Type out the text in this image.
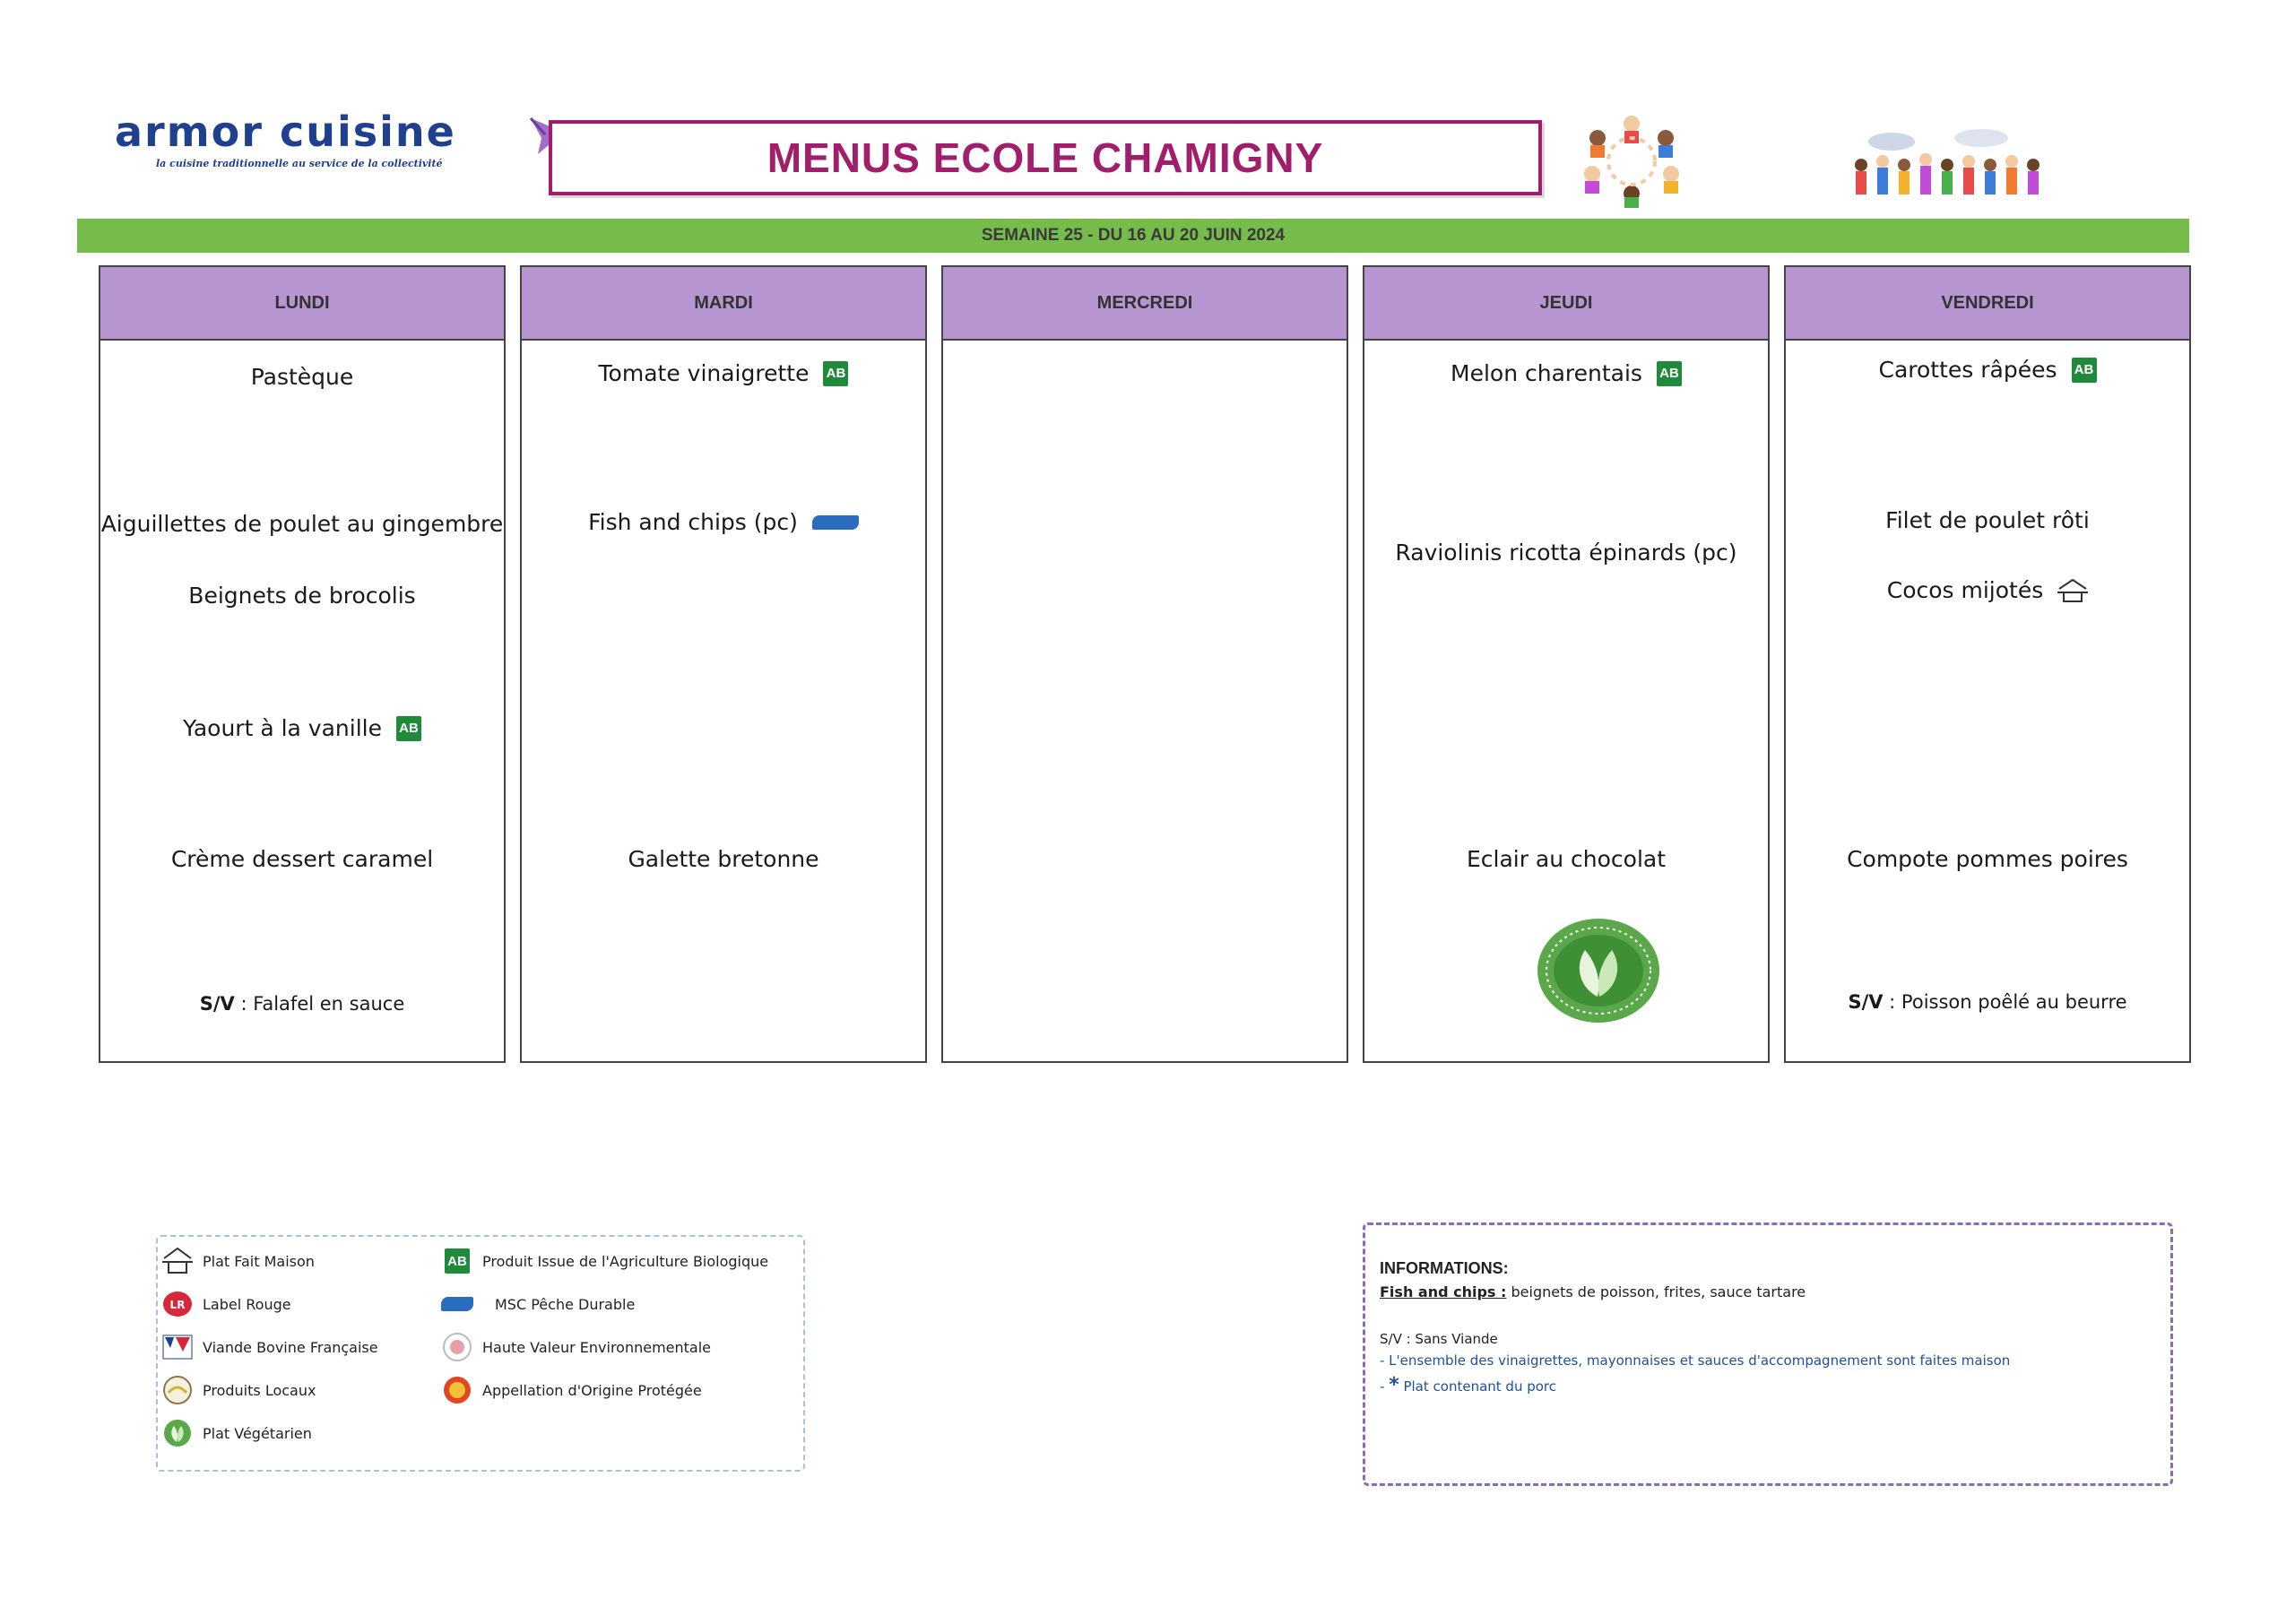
armor cuisine
la cuisine traditionnelle au service de la collectivité	MENUS ECOLE CHAMIGNY
SEMAINE 25 - DU 16 AU 20 JUIN 2024
LUNDI
Pastèque
Aiguillettes de poulet au gingembre
Beignets de brocolis
Yaourt à la vanille AB
Crème dessert caramel
S/V : Falafel en sauce
MARDI
Tomate vinaigrette AB
Fish and chips (pc)
Galette bretonne
MERCREDI	JEUDI
Melon charentais AB
Raviolinis ricotta épinards (pc)
Eclair au chocolat
VENDREDI
Carottes râpées AB
Filet de poulet rôti
Cocos mijotés
Compote pommes poires
S/V : Poisson poêlé au beurre
Plat Fait Maison
LR Label Rouge
Viande Bovine Française
Produits Locaux
Plat Végétarien
AB Produit Issue de l'Agriculture Biologique
MSC Pêche Durable
Haute Valeur Environnementale
Appellation d'Origine Protégée
INFORMATIONS:
Fish and chips : beignets de poisson, frites, sauce tartare
S/V : Sans Viande
- L'ensemble des vinaigrettes, mayonnaises et sauces d'accompagnement sont faites maison
- * Plat contenant du porc
